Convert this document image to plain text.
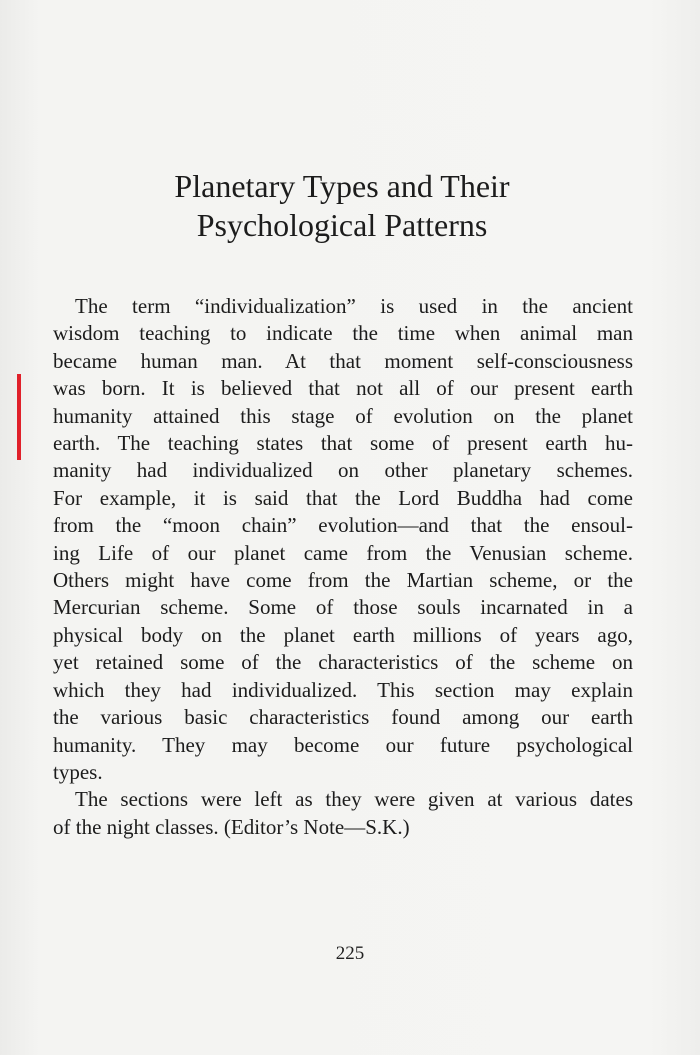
Planetary Types and Their
Psychological Patterns
The term “individualization” is used in the ancient
wisdom teaching to indicate the time when animal man
became human man. At that moment self-consciousness
was born. It is believed that not all of our present earth
humanity attained this stage of evolution on the planet
earth. The teaching states that some of present earth hu-
manity had individualized on other planetary schemes.
For example, it is said that the Lord Buddha had come
from the “moon chain” evolution—and that the ensoul-
ing Life of our planet came from the Venusian scheme.
Others might have come from the Martian scheme, or the
Mercurian scheme. Some of those souls incarnated in a
physical body on the planet earth millions of years ago,
yet retained some of the characteristics of the scheme on
which they had individualized. This section may explain
the various basic characteristics found among our earth
humanity. They may become our future psychological
types.
The sections were left as they were given at various dates
of the night classes. (Editor’s Note—S.K.)
225
